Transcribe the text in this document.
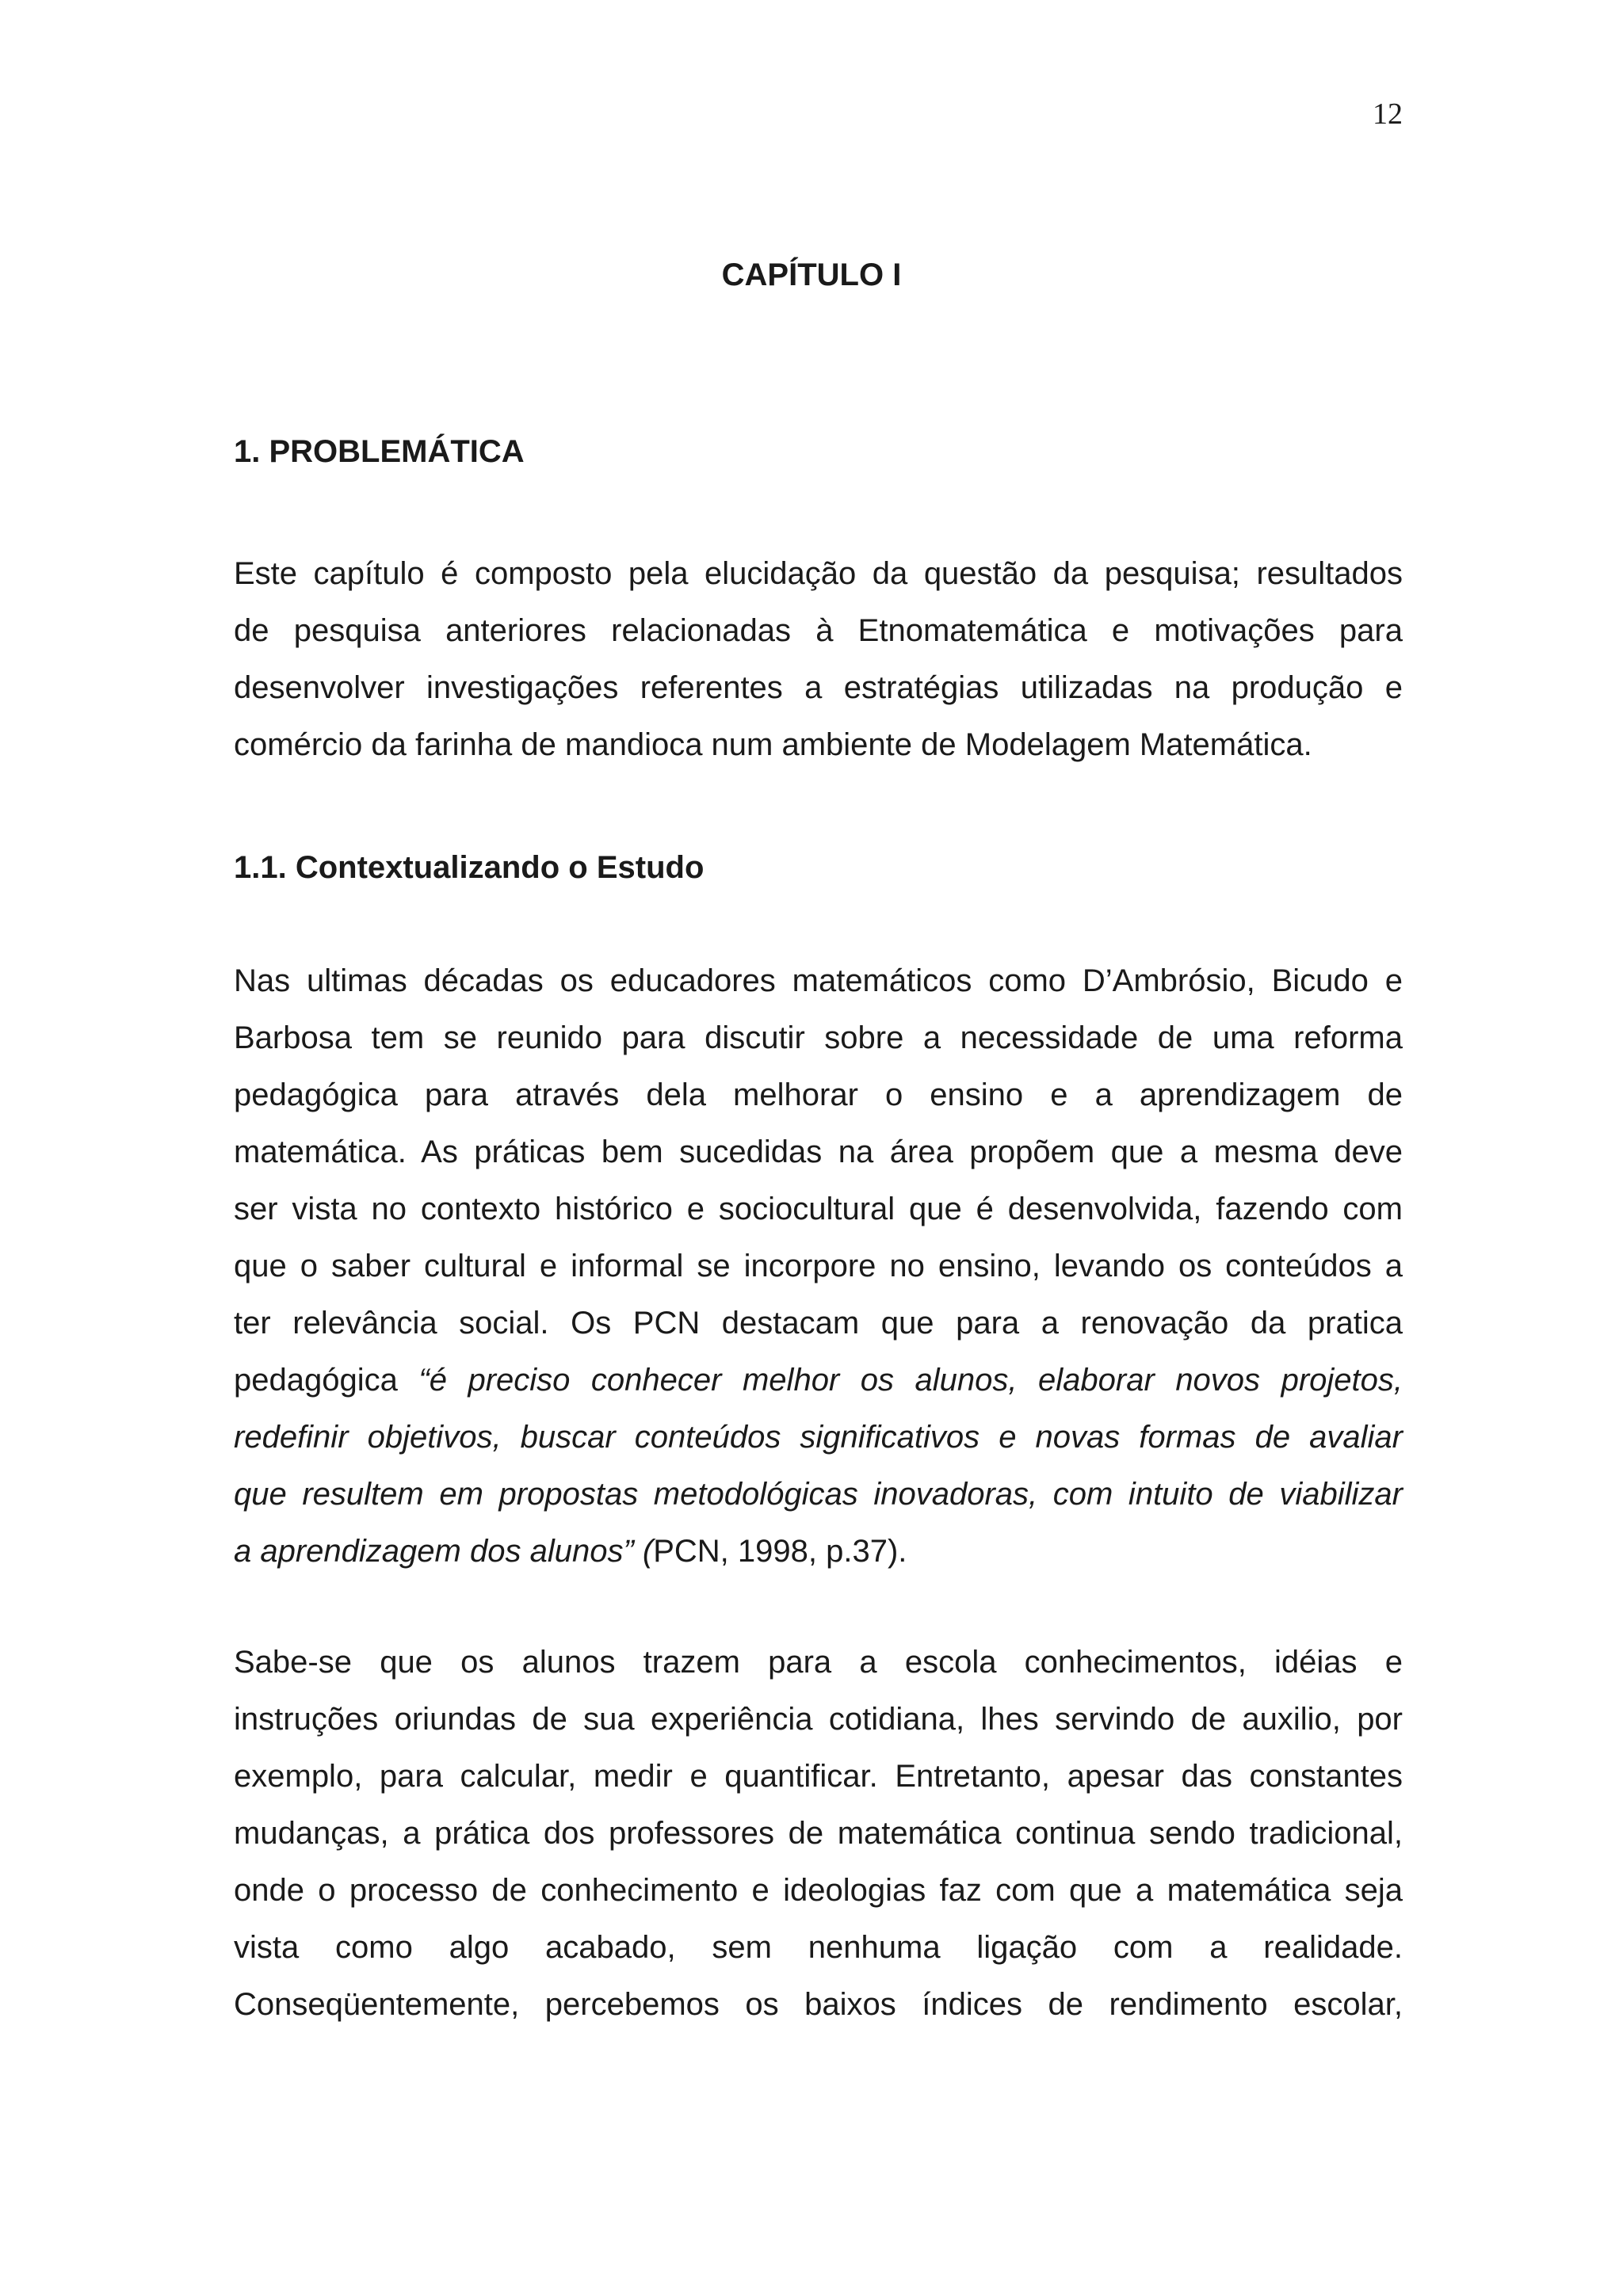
12
CAPÍTULO I
1. PROBLEMÁTICA
Este capítulo é composto pela elucidação da questão da pesquisa; resultados
de pesquisa anteriores relacionadas à Etnomatemática e motivações para
desenvolver investigações referentes a estratégias utilizadas na produção e
comércio da farinha de mandioca num ambiente de Modelagem Matemática.
1.1. Contextualizando o Estudo
Nas ultimas décadas os educadores matemáticos como D’Ambrósio, Bicudo e
Barbosa tem se reunido para discutir sobre a necessidade de uma reforma
pedagógica para através dela melhorar o ensino e a aprendizagem de
matemática. As práticas bem sucedidas na área propõem que a mesma deve
ser vista no contexto histórico e sociocultural que é desenvolvida, fazendo com
que o saber cultural e informal se incorpore no ensino, levando os conteúdos a
ter relevância social. Os PCN destacam que para a renovação da pratica
pedagógica “é preciso conhecer melhor os alunos, elaborar novos projetos,
redefinir objetivos, buscar conteúdos significativos e novas formas de avaliar
que resultem em propostas metodológicas inovadoras, com intuito de viabilizar
a aprendizagem dos alunos” (PCN, 1998, p.37).
Sabe-se que os alunos trazem para a escola conhecimentos, idéias e
instruções oriundas de sua experiência cotidiana, lhes servindo de auxilio, por
exemplo, para calcular, medir e quantificar. Entretanto, apesar das constantes
mudanças, a prática dos professores de matemática continua sendo tradicional,
onde o processo de conhecimento e ideologias faz com que a matemática seja
vista como algo acabado, sem nenhuma ligação com a realidade.
Conseqüentemente, percebemos os baixos índices de rendimento escolar,
